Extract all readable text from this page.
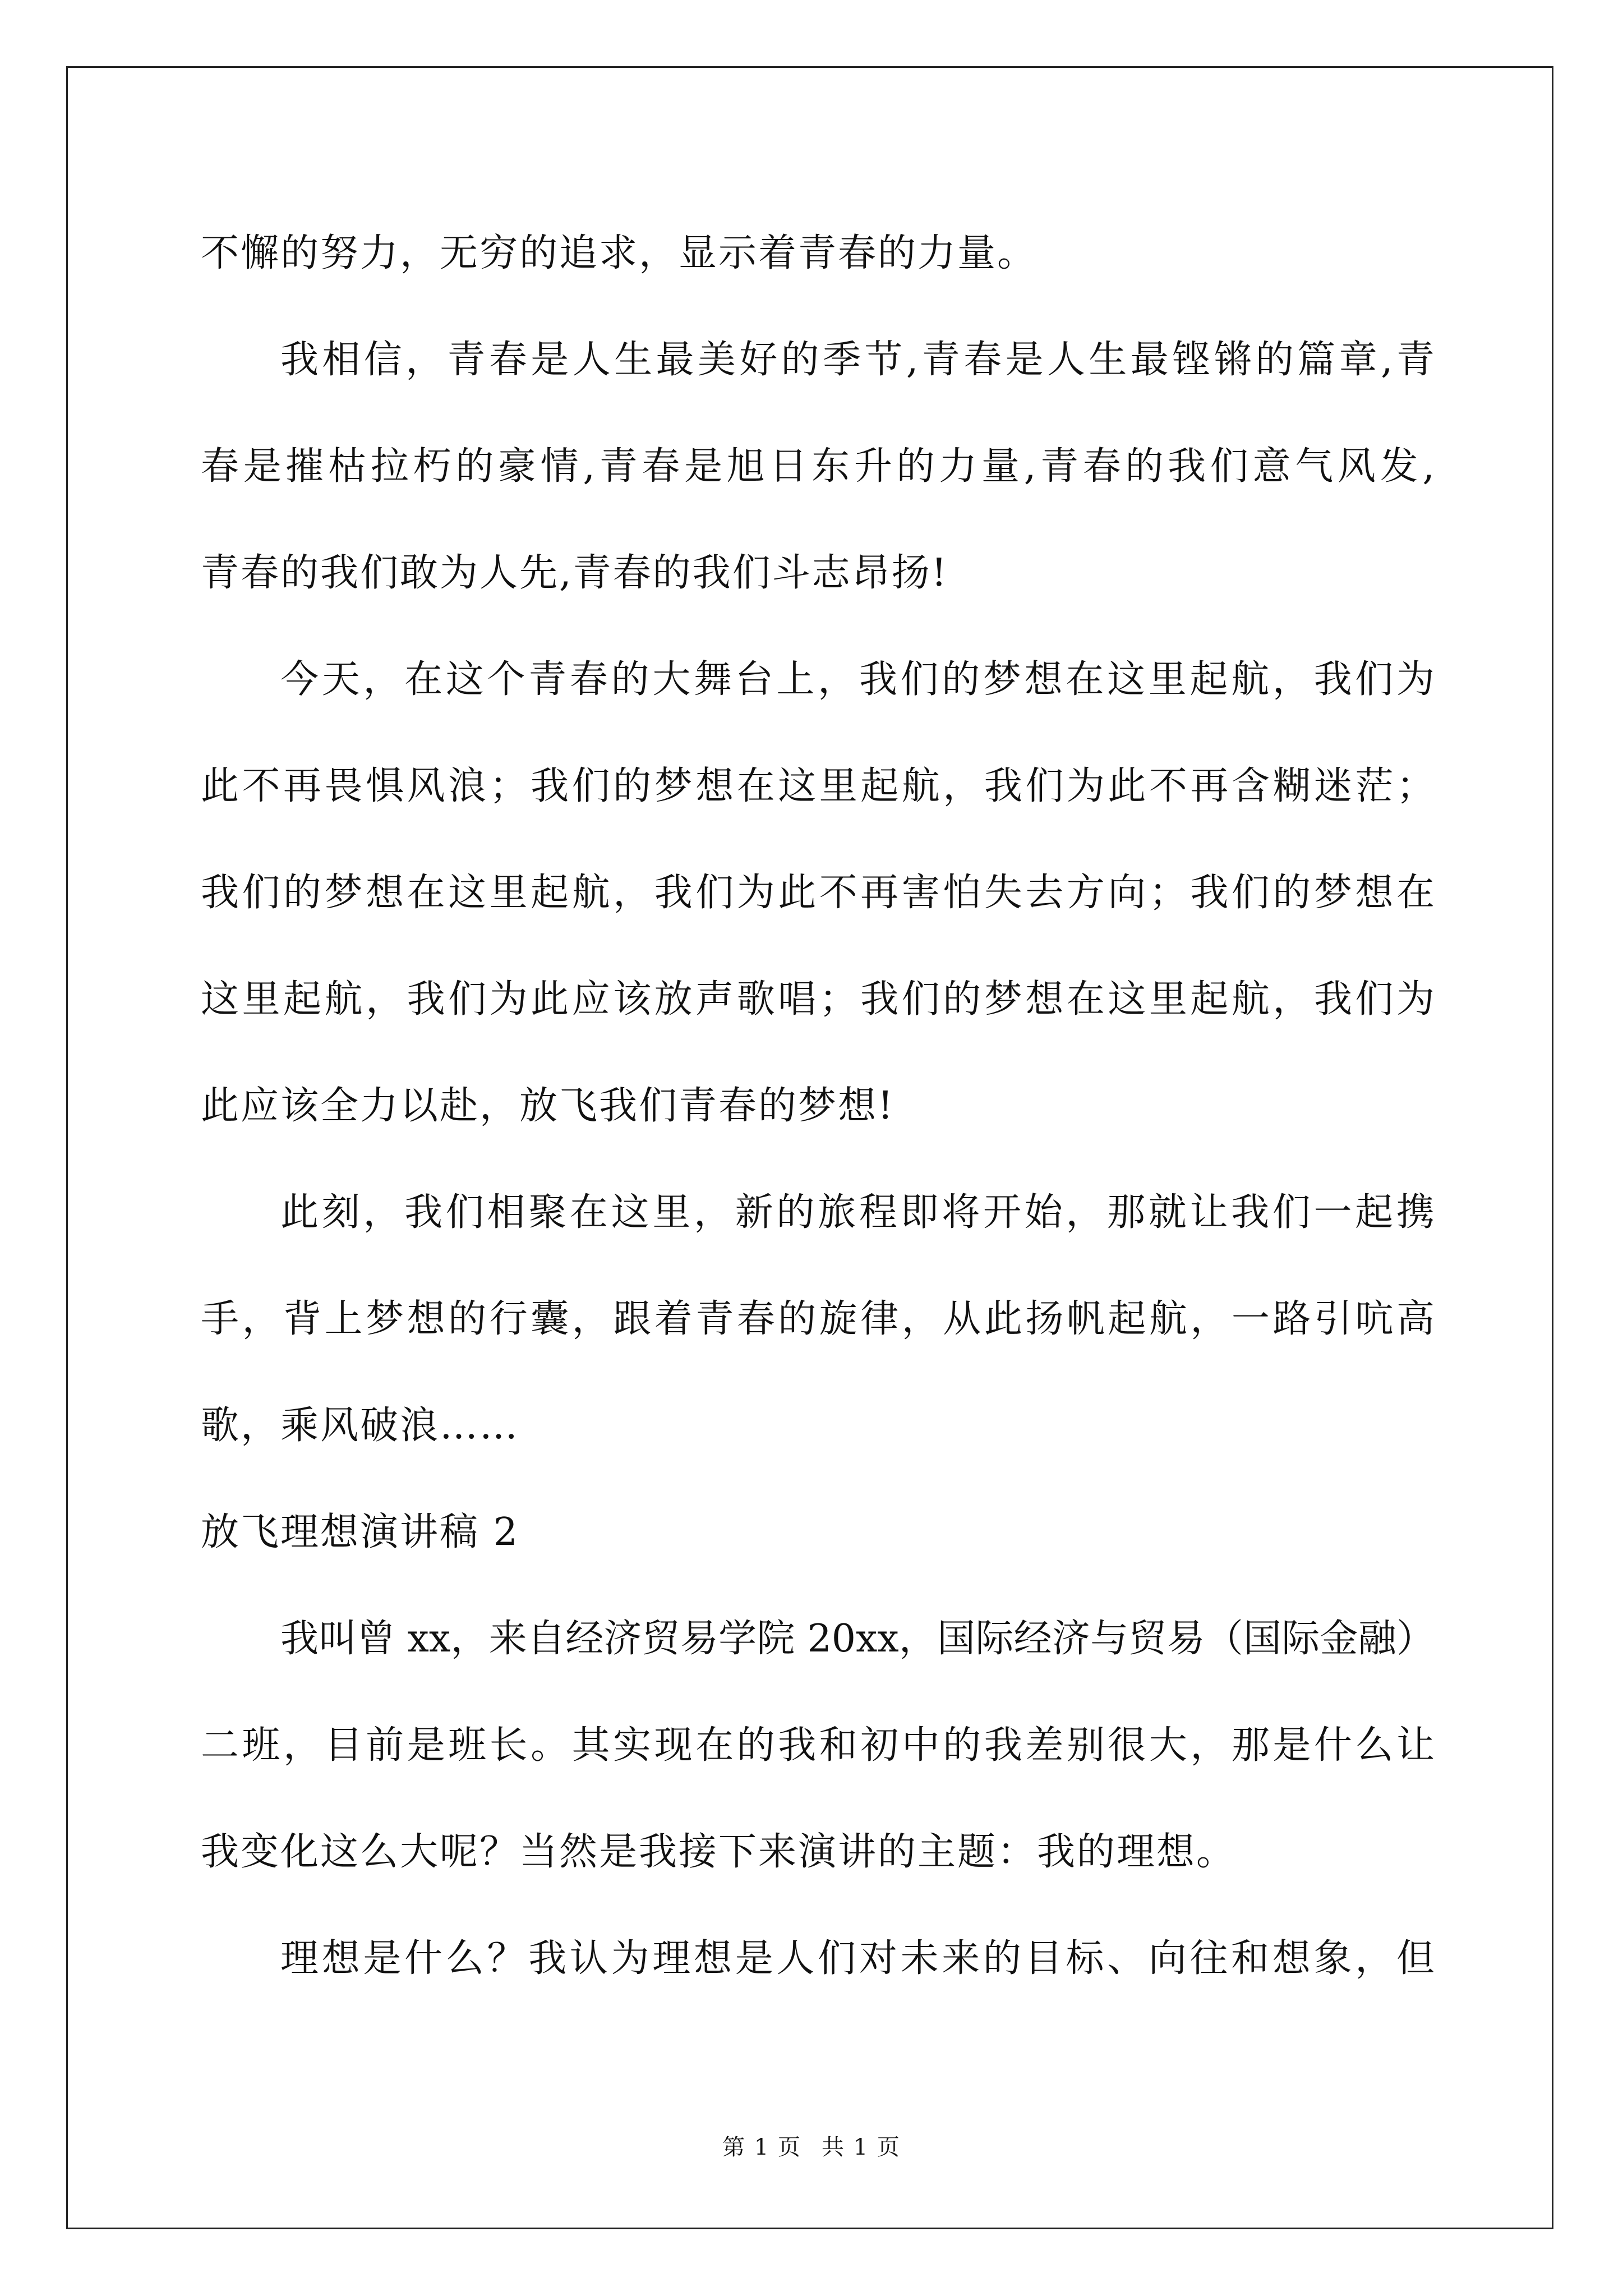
不懈的努力，无穷的追求，显示着青春的力量。
我相信，青春是人生最美好的季节,青春是人生最铿锵的篇章,青
春是摧枯拉朽的豪情,青春是旭日东升的力量,青春的我们意气风发,
青春的我们敢为人先,青春的我们斗志昂扬!
今天，在这个青春的大舞台上，我们的梦想在这里起航，我们为
此不再畏惧风浪；我们的梦想在这里起航，我们为此不再含糊迷茫；
我们的梦想在这里起航，我们为此不再害怕失去方向；我们的梦想在
这里起航，我们为此应该放声歌唱；我们的梦想在这里起航，我们为
此应该全力以赴，放飞我们青春的梦想!
此刻，我们相聚在这里，新的旅程即将开始，那就让我们一起携
手，背上梦想的行囊，跟着青春的旋律，从此扬帆起航，一路引吭高
歌，乘风破浪……
放飞理想演讲稿 2
我叫曾 xx，来自经济贸易学院 20xx，国际经济与贸易（国际金融）
二班，目前是班长。其实现在的我和初中的我差别很大，那是什么让
我变化这么大呢？当然是我接下来演讲的主题：我的理想。
理想是什么？我认为理想是人们对未来的目标、向往和想象，但
第 1 页 共 1 页
